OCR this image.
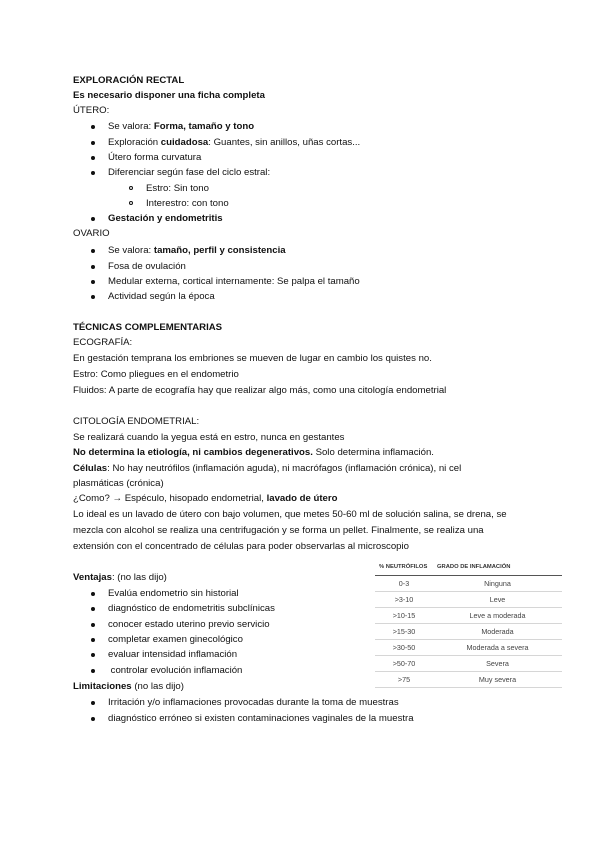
EXPLORACIÓN RECTAL
Es necesario disponer una ficha completa
ÚTERO:
Se valora: Forma, tamaño y tono
Exploración cuidadosa: Guantes, sin anillos, uñas cortas...
Útero forma curvatura
Diferenciar según fase del ciclo estral:
Estro: Sin tono
Interestro: con tono
Gestación y endometritis
OVARIO
Se valora: tamaño, perfil y consistencia
Fosa de ovulación
Medular externa, cortical internamente: Se palpa el tamaño
Actividad según la época
TÉCNICAS COMPLEMENTARIAS
ECOGRAFÍA:
En gestación temprana los embriones se mueven de lugar en cambio los quistes no.
Estro: Como pliegues en el endometrio
Fluidos: A parte de ecografía hay que realizar algo más, como una citología endometrial
CITOLOGÍA ENDOMETRIAL:
Se realizará cuando la yegua está en estro, nunca en gestantes
No determina la etiología, ni cambios degenerativos. Solo determina inflamación.
Células: No hay neutrófilos (inflamación aguda), ni macrófagos (inflamación crónica), ni cel
plasmáticas (crónica)
¿Como? → Espéculo, hisopado endometrial, lavado de útero
Lo ideal es un lavado de útero con bajo volumen, que metes 50-60 ml de solución salina, se drena, se
mezcla con alcohol se realiza una centrifugación y se forma un pellet. Finalmente, se realiza una
extensión con el concentrado de células para poder observarlas al microscopio
% NEUTRÓFILOS	GRADO DE INFLAMACIÓN
0-3	Ninguna
>3-10	Leve
>10-15	Leve a moderada
>15-30	Moderada
>30-50	Moderada a severa
>50-70	Severa
>75	Muy severa
Ventajas: (no las dijo)
Evalúa endometrio sin historial
diagnóstico de endometritis subclínicas
conocer estado uterino previo servicio
completar examen ginecológico
evaluar intensidad inflamación
controlar evolución inflamación
Limitaciones (no las dijo)
Irritación y/o inflamaciones provocadas durante la toma de muestras
diagnóstico erróneo si existen contaminaciones vaginales de la muestra
